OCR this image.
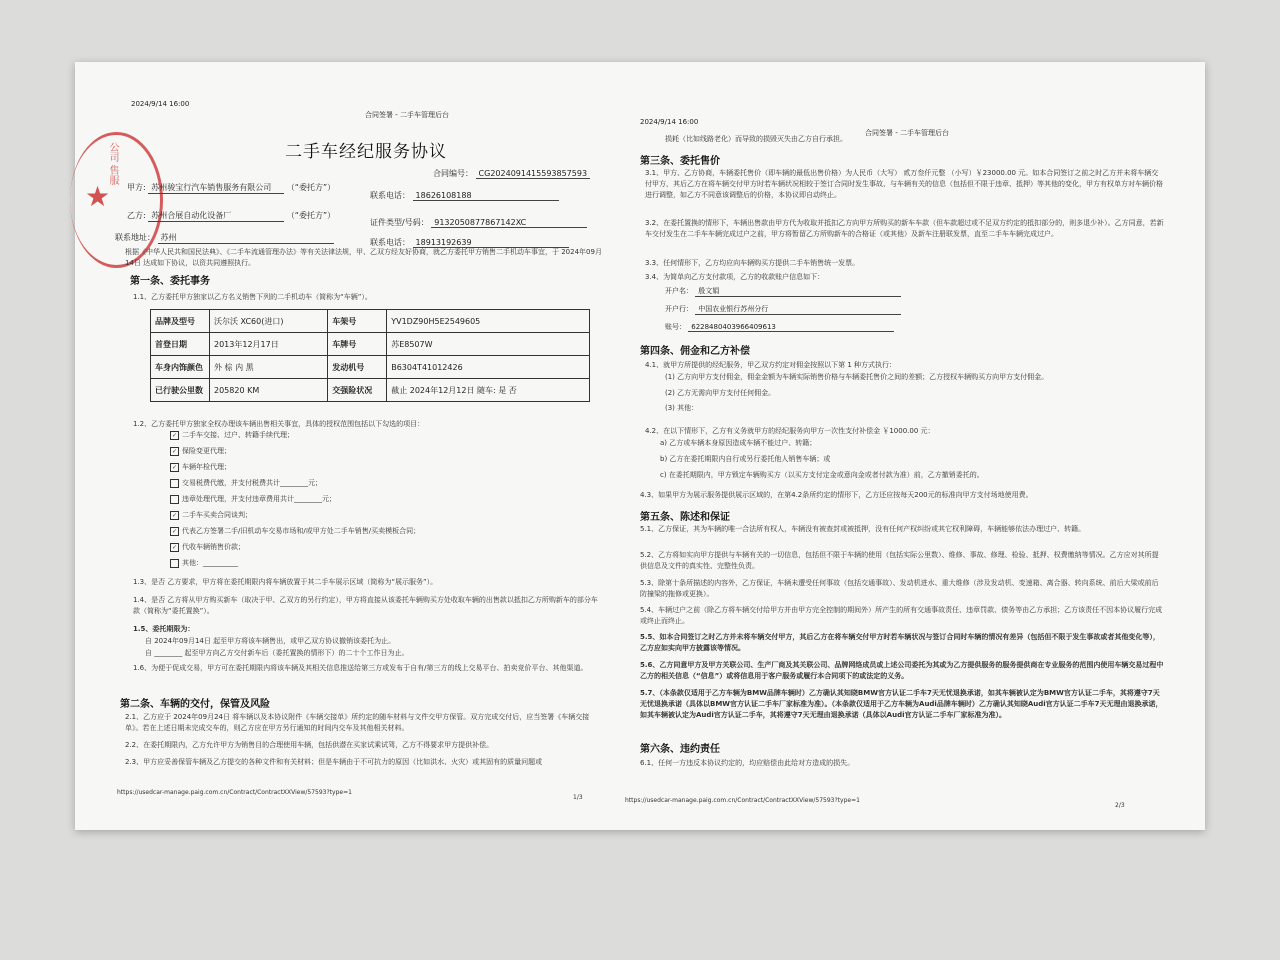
★
公司 售服
2024/9/14 16:00
合同签署 - 二手车管理后台
二手车经纪服务协议
合同编号： CG20240914155938575​93
甲方: 苏州骏宝行汽车销售服务有限公司 （“委托方”）
联系电话： 18626108188
乙方: 苏州合展自动化设备厂	（“委托方”）
证件类型/号码： 9132050877867142XC
联系地址： 苏州
联系电话： 18913192639
根据《中华人民共和国民法典》、《二手车流通管理办法》等有关法律法规，甲、乙双方经友好协商，就乙方委托甲方销售二手机动车事宜，于 2024年09月14日 达成如下协议，以资共同遵照执行。
第一条、委托事务
1.1、乙方委托甲方独家以乙方名义销售下列的二手机动车（简称为“车辆”）。
品牌及型号	沃尔沃 XC60(进口)	车架号	YV1DZ90H5E2549605
首登日期	2013年12月17日	车牌号	苏E8507W
车身内饰颜色	外 棕 内 黑	发动机号	B6304T41012426
已行驶公里数	205820 KM	交强险状况	截止 2024年12月12日 随车: 是 否
1.2、乙方委托甲方独家全权办理该车辆出售相关事宜，具体的授权范围包括以下勾选的项目：
✓ 二手车交接、过户、转籍手续代理；
✓ 保险变更代理；
✓ 车辆年检代理；
交易税费代缴，并支付税费共计________元；
违章处理代理，并支付违章费用共计________元；
✓ 二手车买卖合同谈判；
✓ 代表乙方签署二手/旧机动车交易市场和/或甲方处二手车销售/买卖模板合同；
✓ 代收车辆销售价款；
其他：__________
1.3、是否 乙方要求，甲方将在委托期限内将车辆放置于其二手车展示区域（简称为“展示服务”）。
1.4、是否 乙方将从甲方购买新车（取决于甲、乙双方的另行约定），甲方将直接从该委托车辆购买方处收取车辆的出售款以抵扣乙方所购新车的部分车款（简称为“委托置换”）。
1.5、委托期限为：
自 2024年09月14日 起至甲方将该车辆售出，或甲乙双方协议撤销该委托为止。
自 ________ 起至甲方向乙方交付新车后（委托置换的情形下）的二十个工作日为止。
1.6、为便于促成交易，甲方可在委托期限内将该车辆及其相关信息推送给第三方或发布于自有/第三方的线上交易平台、拍卖竞价平台、其他渠道。
第二条、车辆的交付，保管及风险
2.1、乙方应于 2024年09月24日 将车辆以及本协议附件《车辆交接单》所约定的随车材料与文件交甲方保管。双方完成交付后，应当签署《车辆交接单》。若在上述日期未完成交车的，则乙方应在甲方另行通知的时间内交车及其他相关材料。
2.2、在委托期限内，乙方允许甲方为销售目的合理使用车辆，包括供潜在买家试乘试驾，乙方不得要求甲方提供补偿。
2.3、甲方应妥善保管车辆及乙方提交的各种文件和有关材料；但是车辆由于不可抗力的原因（比如洪水、火灾）或其固有的质量问题或
https://usedcar-manage.paig.com.cn/Contract/ContractXXView/57593?type=1
1/3
2024/9/14 16:00
合同签署 - 二手车管理后台
损耗（比如线路老化）而导致的损毁灭失由乙方自行承担。
第三条、委托售价
3.1、甲方、乙方协商，车辆委托售价（即车辆的最低出售价格）为人民币（大写） 贰万叁仟元整 （小写）￥23000.00 元。如本合同签订之前之时乙方并未将车辆交付甲方，其后乙方在将车辆交付甲方时若车辆状况相较于签订合同时发生事故、与车辆有关的信息（包括但不限于违章、抵押）等其他的变化，甲方有权单方对车辆价格进行调整，如乙方不同意该调整后的价格，本协议即自动终止。
3.2、在委托置换的情形下，车辆出售款由甲方代为收取并抵扣乙方向甲方所购买的新车车款（但车款超过或不足双方约定的抵扣部分的，则多退少补）。乙方同意，若新车交付发生在二手车车辆完成过户之前，甲方将暂留乙方所购新车的合格证（或其他）及新车注册联发票，直至二手车车辆完成过户。
3.3、任何情形下，乙方均应向车辆购买方提供二手车销售统一发票。
3.4、为简单向乙方支付款项，乙方的收款账户信息如下：
开户名： 殷文娟
开户行： 中国农业银行苏州分行
账号： 6228480403966409613
第四条、佣金和乙方补偿
4.1、就甲方所提供的经纪服务，甲乙双方约定对佣金按照以下第 1 种方式执行：
(1) 乙方向甲方支付佣金，佣金金额为车辆实际销售价格与车辆委托售价之间的差额；乙方授权车辆购买方向甲方支付佣金。
(2) 乙方无需向甲方支付任何佣金。
(3) 其他：
4.2、在以下情形下，乙方有义务就甲方的经纪服务向甲方一次性支付补偿金 ￥1000.00 元：
a) 乙方或车辆本身原因造成车辆不能过户、转籍；
b) 乙方在委托期限内自行或另行委托他人销售车辆；或
c) 在委托期限内，甲方锁定车辆购买方（以买方支付定金或意向金或者付款为准）前，乙方撤销委托的。
4.3、如果甲方为展示服务提供展示区域的，在第4.2条所约定的情形下，乙方还应按每天200元的标准向甲方支付场地使用费。
第五条、陈述和保证
5.1、乙方保证，其为车辆的唯一合法所有权人，车辆没有被查封或被抵押，没有任何产权纠纷或其它权利障碍，车辆能够依法办理过户、转籍。
5.2、乙方将如实向甲方提供与车辆有关的一切信息，包括但不限于车辆的使用（包括实际公里数）、维修、事故、修理、检验、抵押、权费缴纳等情况。乙方应对其所提供信息及文件的真实性、完整性负责。
5.3、除第十条所描述的内容外，乙方保证，车辆未遭受任何事故（包括交通事故）、发动机进水、重大维修（涉及发动机、变速箱、离合器、转向系统、前后大梁或前后防撞梁的拖修或更换）。
5.4、车辆过户之前（除乙方将车辆交付给甲方并由甲方完全控制的期间外）所产生的所有交通事故责任、违章罚款、债务等由乙方承担；乙方该责任不因本协议履行完成或终止而终止。
5.5、如本合同签订之时乙方并未将车辆交付甲方，其后乙方在将车辆交付甲方时若车辆状况与签订合同时车辆的情况有差异（包括但不限于发生事故或者其他变化等），乙方应如实向甲方披露该等情况。
5.6、乙方同意甲方及甲方关联公司、生产厂商及其关联公司、品牌网络成员或上述公司委托为其或为乙方提供服务的服务提供商在专业服务的范围内使用车辆交易过程中乙方的相关信息（“信息”）或将信息用于客户服务或履行本合同项下的或法定的义务。
5.7、（本条款仅适用于乙方车辆为BMW品牌车辆时）乙方确认其知晓BMW官方认证二手车7天无忧退换承诺，如其车辆被认定为BMW官方认证二手车，其将遵守7天无忧退换承诺（具体以BMW官方认证二手车厂家标准为准）。（本条款仅适用于乙方车辆为Audi品牌车辆时）乙方确认其知晓Audi官方认证二手车7天无理由退换承诺，如其车辆被认定为Audi官方认证二手车，其将遵守7天无理由退换承诺（具体以Audi官方认证二手车厂家标准为准）。
第六条、违约责任
6.1、任何一方违反本协议约定的，均应赔偿由此给对方造成的损失。
https://usedcar-manage.paig.com.cn/Contract/ContractXXView/57593?type=1
2/3
